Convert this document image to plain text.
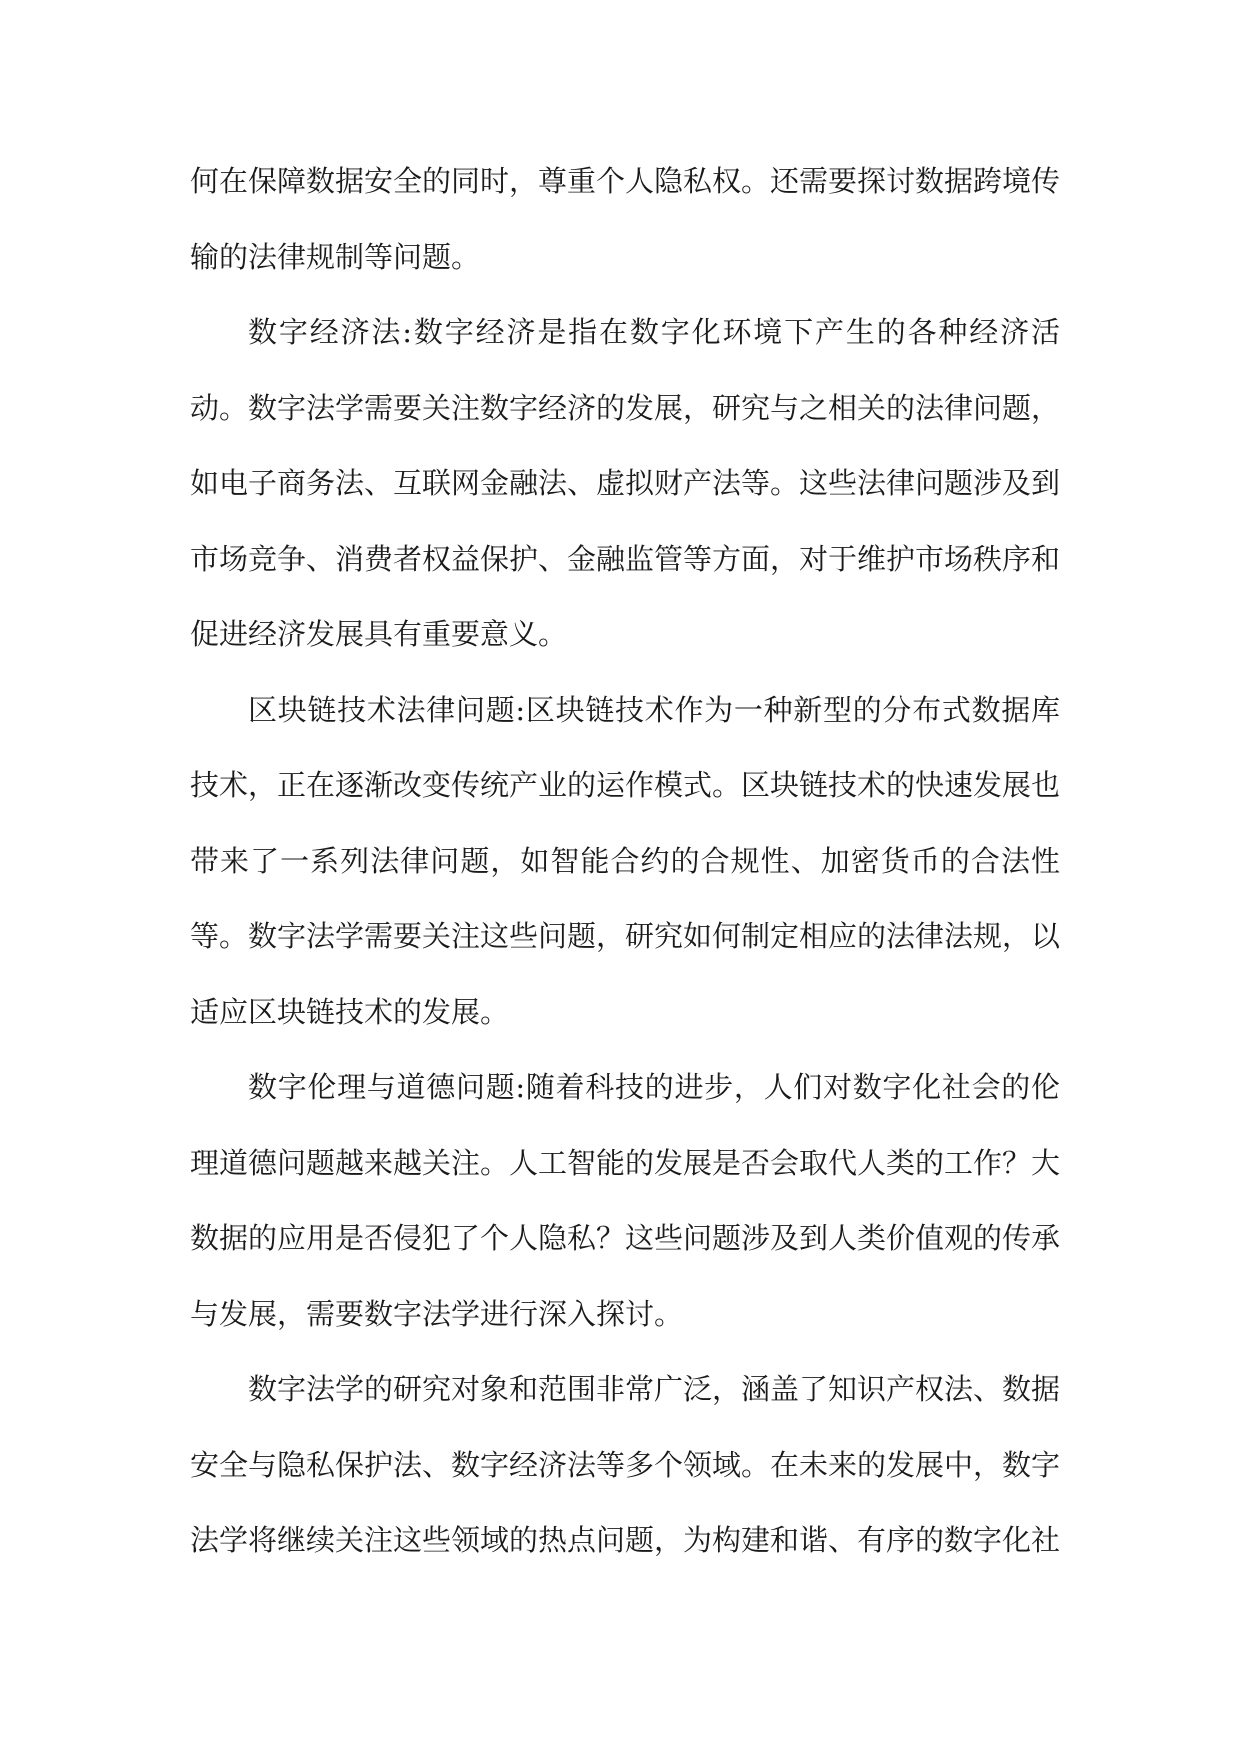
何在保障数据安全的同时，尊重个人隐私权。还需要探讨数据跨境传输的法律规制等问题。

数字经济法:数字经济是指在数字化环境下产生的各种经济活动。数字法学需要关注数字经济的发展，研究与之相关的法律问题，如电子商务法、互联网金融法、虚拟财产法等。这些法律问题涉及到市场竞争、消费者权益保护、金融监管等方面，对于维护市场秩序和促进经济发展具有重要意义。

区块链技术法律问题:区块链技术作为一种新型的分布式数据库技术，正在逐渐改变传统产业的运作模式。区块链技术的快速发展也带来了一系列法律问题，如智能合约的合规性、加密货币的合法性等。数字法学需要关注这些问题，研究如何制定相应的法律法规，以适应区块链技术的发展。

数字伦理与道德问题:随着科技的进步，人们对数字化社会的伦理道德问题越来越关注。人工智能的发展是否会取代人类的工作？大数据的应用是否侵犯了个人隐私？这些问题涉及到人类价值观的传承与发展，需要数字法学进行深入探讨。

数字法学的研究对象和范围非常广泛，涵盖了知识产权法、数据安全与隐私保护法、数字经济法等多个领域。在未来的发展中，数字法学将继续关注这些领域的热点问题，为构建和谐、有序的数字化社
